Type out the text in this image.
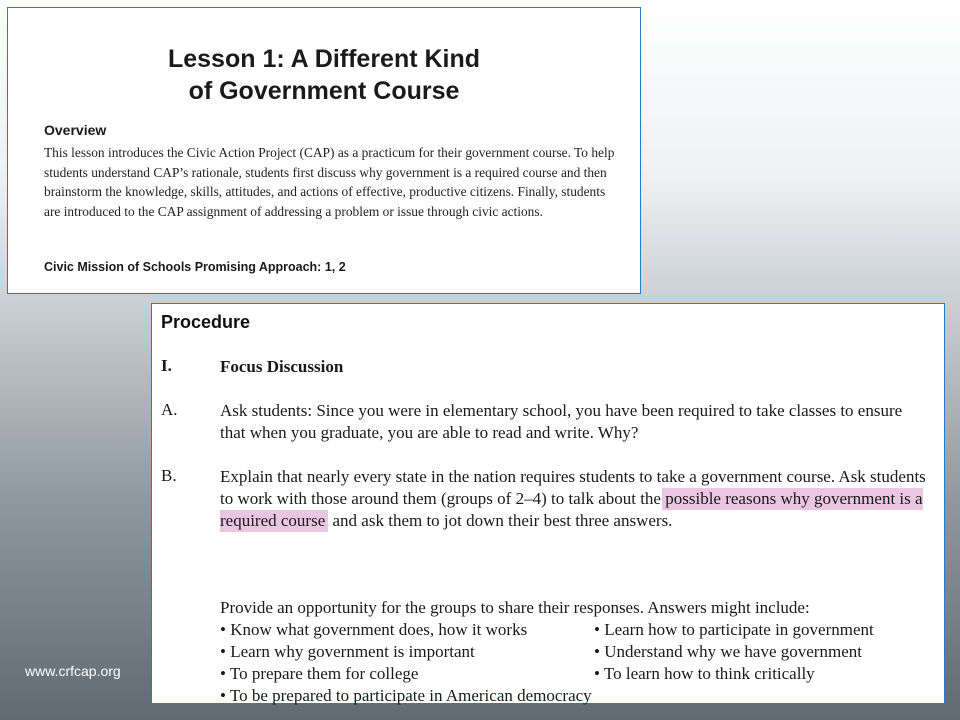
Lesson 1: A Different Kind
of Government Course
Overview
This lesson introduces the Civic Action Project (CAP) as a practicum for their government course. To help students understand CAP’s rationale, students first discuss why government is a required course and then brainstorm the knowledge, skills, attitudes, and actions of effective, productive citizens. Finally, students are introduced to the CAP assignment of addressing a problem or issue through civic actions.
Civic Mission of Schools Promising Approach: 1, 2
Procedure
I.	Focus Discussion
A. Ask students: Since you were in elementary school, you have been required to take classes to ensure that when you graduate, you are able to read and write. Why?
B.	Explain that nearly every state in the nation requires students to take a government course. Ask students to work with those around them (groups of 2–4) to talk about the possible reasons why government is a required course and ask them to jot down their best three answers.
Provide an opportunity for the groups to share their responses. Answers might include:
• Know what government does, how it works	• Learn how to participate in government
• Learn why government is important	• Understand why we have government
• To prepare them for college	• To learn how to think critically
• To be prepared to participate in American democracy
www.crfcap.org
